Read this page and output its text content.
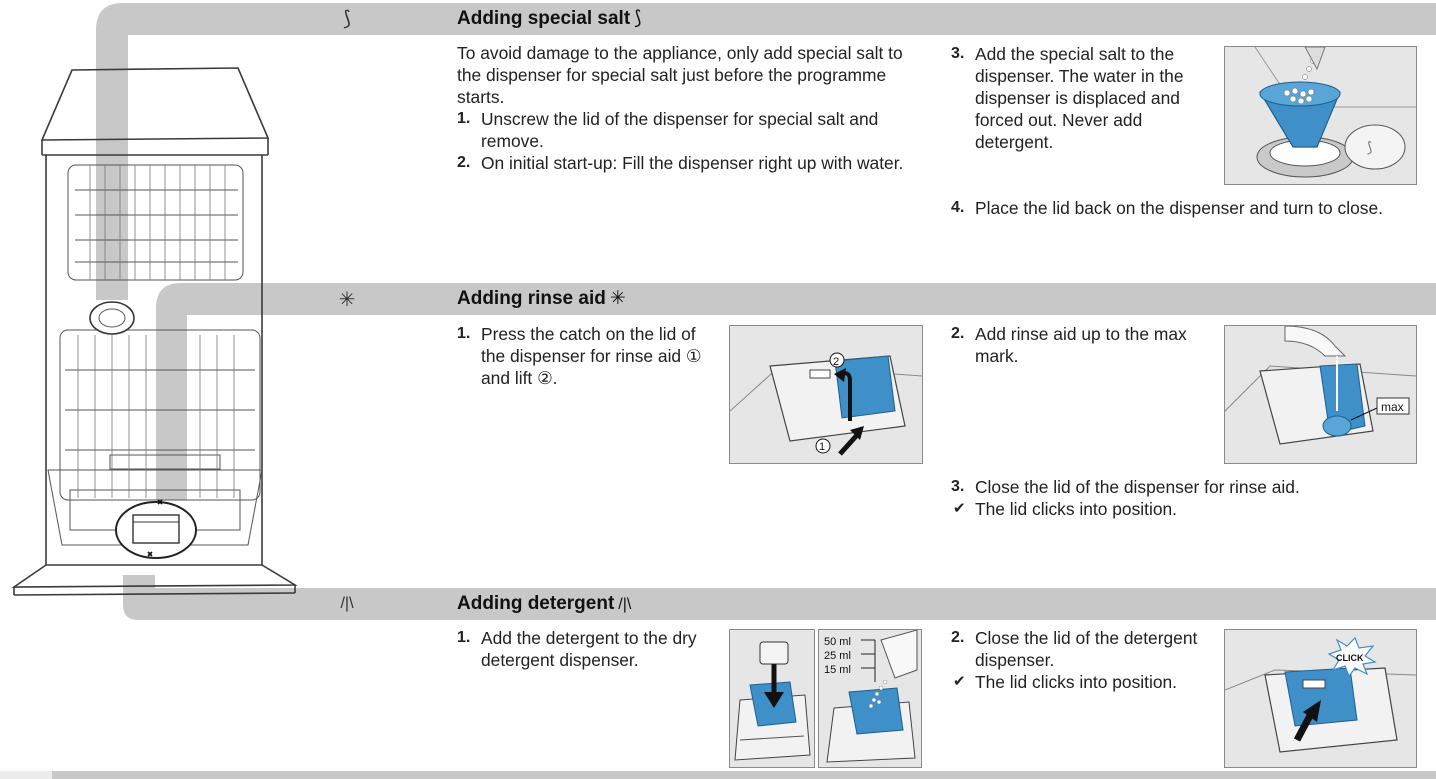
⟆
✳
/|\
Adding special salt ⟆

To avoid damage to the appliance, only add special salt to the dispenser for special salt just before the programme starts.

1. Unscrew the lid of the dispenser for special salt and remove.
2. On initial start-up: Fill the dispenser right up with water.
3. Add the special salt to the dispenser. The water in the dispenser is displaced and forced out. Never add detergent.	⟆
4. Place the lid back on the dispenser and turn to close.
Adding rinse aid ✳
1. Press the catch on the lid of the dispenser for rinse aid ① and lift ②.
2
1
2. Add rinse aid up to the max mark.
max
3. Close the lid of the dispenser for rinse aid.
✔ The lid clicks into position.
Adding detergent /|\
1. Add the detergent to the dry detergent dispenser.
50 ml
25 ml
15 ml
2. Close the lid of the detergent dispenser.
✔ The lid clicks into position.
CLICK
